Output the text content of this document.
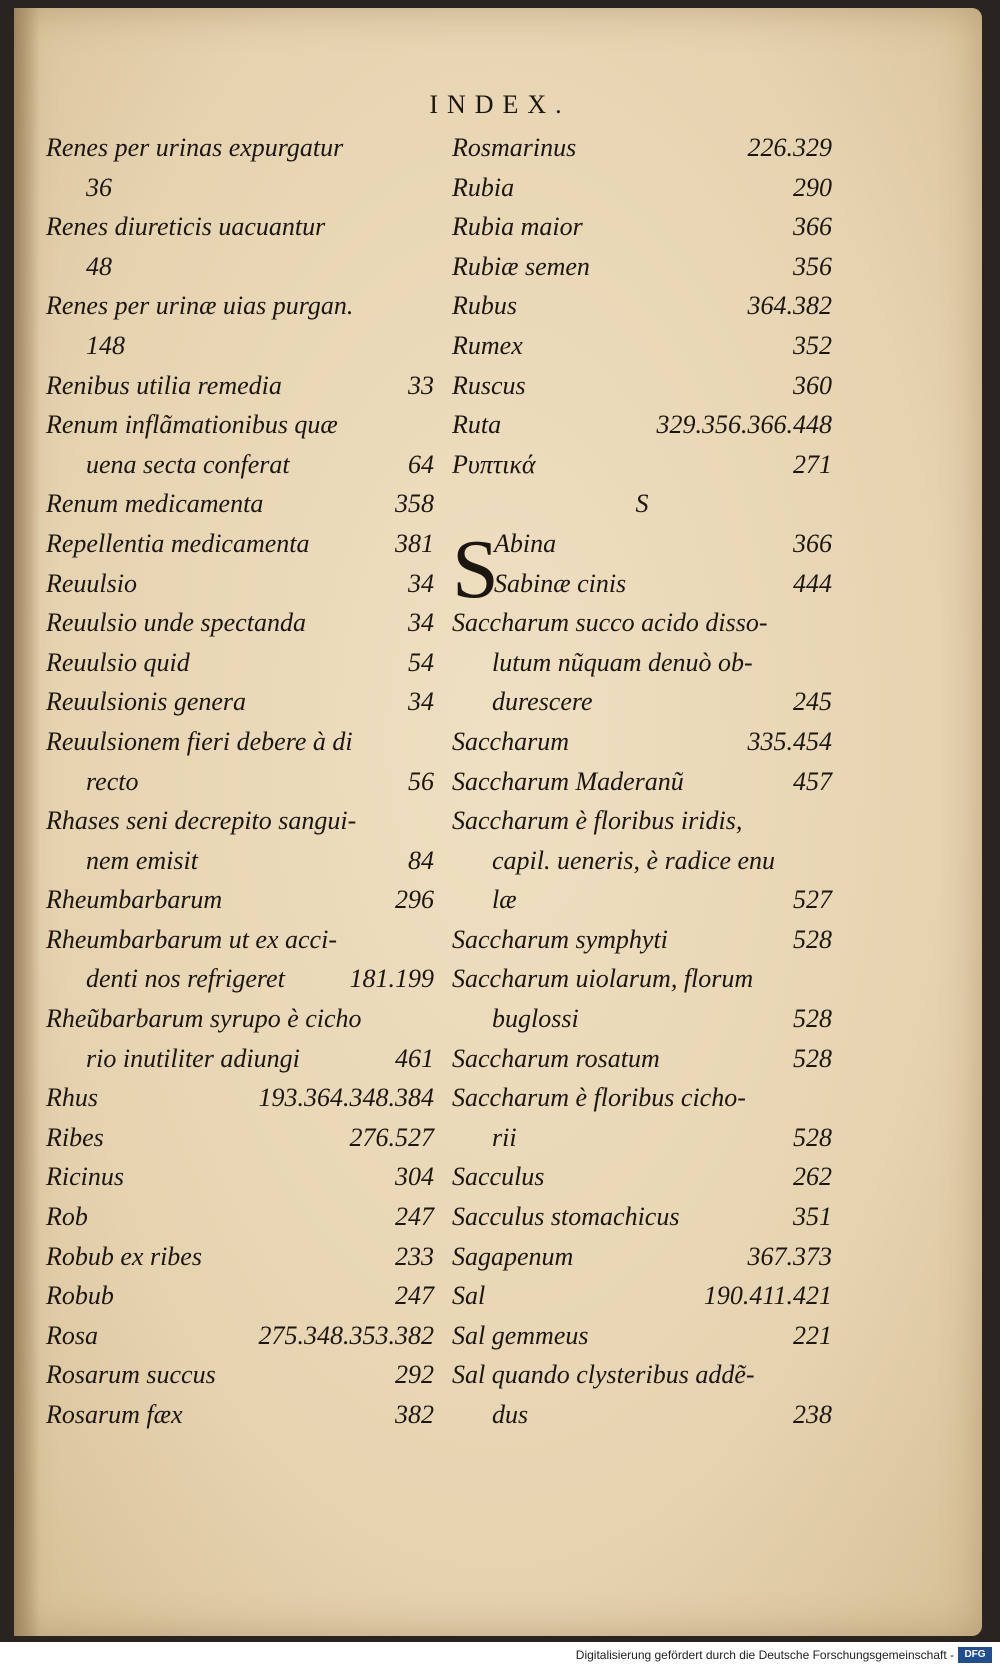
INDEX.
S
Renes per urinas expurgatur
36
Renes diureticis uacuantur
48
Renes per urinæ uias purgan.
148
Renibus utilia remedia	33
Renum inflãmationibus quæ
uena secta conferat	64
Renum medicamenta	358
Repellentia medicamenta	381
Reuulsio	34
Reuulsio unde spectanda	34
Reuulsio quid	54
Reuulsionis genera	34
Reuulsionem fieri debere à di
recto	56
Rhases seni decrepito sangui-
nem emisit	84
Rheumbarbarum	296
Rheumbarbarum ut ex acci-
denti nos refrigeret	181.199
Rheũbarbarum syrupo è cicho
rio inutiliter adiungi	461
Rhus	193.364.348.384
Ribes	276.527
Ricinus	304
Rob	247
Robub ex ribes	233
Robub	247
Rosa	275.348.353.382
Rosarum succus	292
Rosarum fæx	382
Rosmarinus	226.329
Rubia	290
Rubia maior	366
Rubiæ semen	356
Rubus	364.382
Rumex	352
Ruscus	360
Ruta	329.356.366.448
Ρυπτικά	271
S
Abina	366
Sabinæ cinis	444
Saccharum succo acido disso-
lutum nũquam denuò ob-
durescere	245
Saccharum	335.454
Saccharum Maderanũ	457
Saccharum è floribus iridis,
capil. ueneris, è radice enu
læ	527
Saccharum symphyti	528
Saccharum uiolarum, florum
buglossi	528
Saccharum rosatum	528
Saccharum è floribus cicho-
rii	528
Sacculus	262
Sacculus stomachicus	351
Sagapenum	367.373
Sal	190.411.421
Sal gemmeus	221
Sal quando clysteribus addẽ-
dus	238
Digitalisierung gefördert durch die Deutsche Forschungsgemeinschaft -	DFG
